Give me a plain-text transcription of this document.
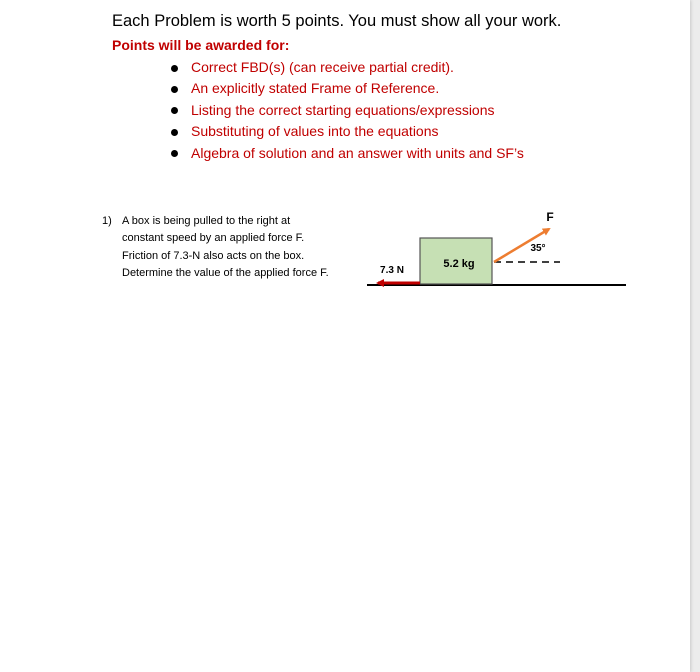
Each Problem is worth 5 points. You must show all your work.
Points will be awarded for:
Correct FBD(s) (can receive partial credit).
An explicitly stated Frame of Reference.
Listing the correct starting equations/expressions
Substituting of values into the equations
Algebra of solution and an answer with units and SF’s
1) A box is being pulled to the right at
constant speed by an applied force F.
Friction of 7.3-N also acts on the box.
Determine the value of the applied force F.
5.2 kg
7.3 N
F
35°
